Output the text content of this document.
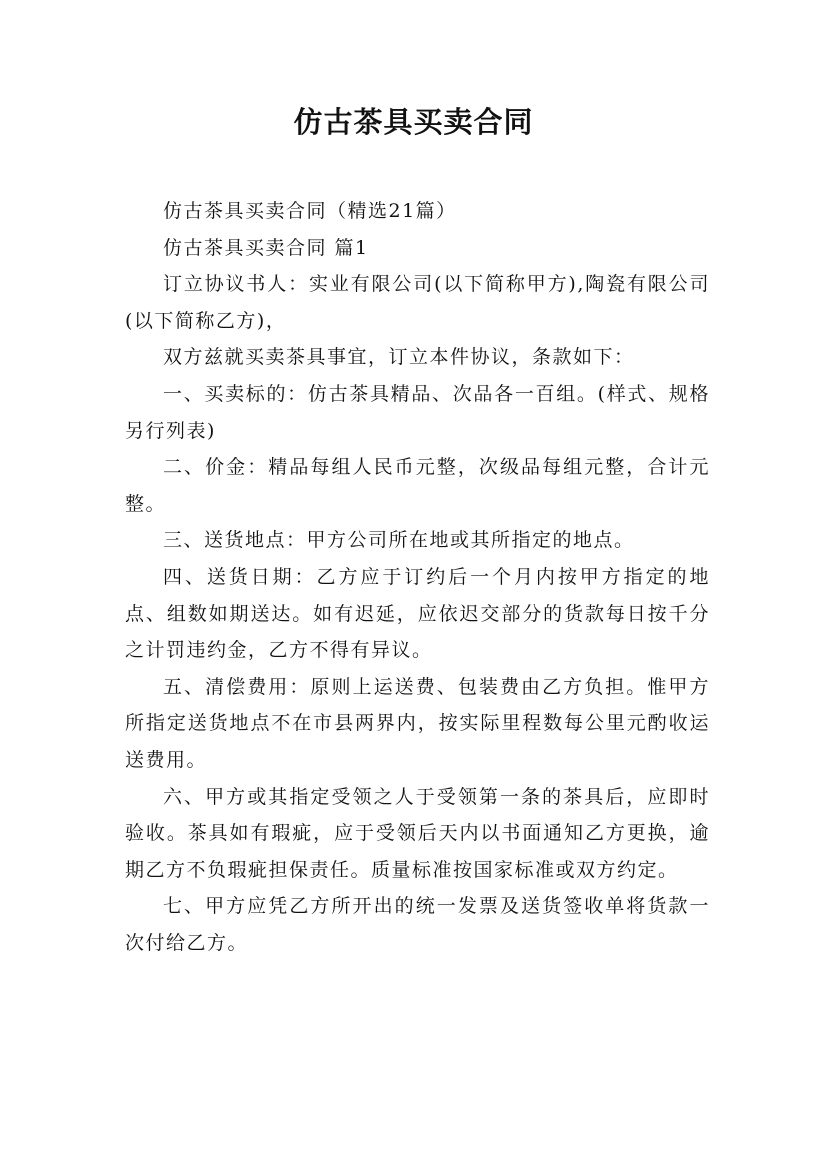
仿古茶具买卖合同

仿古茶具买卖合同（精选21篇）

仿古茶具买卖合同 篇1

订立协议书人：实业有限公司(以下简称甲方),陶瓷有限公司(以下简称乙方)，

双方兹就买卖茶具事宜，订立本件协议，条款如下：

一、买卖标的：仿古茶具精品、次品各一百组。(样式、规格另行列表)

二、价金：精品每组人民币元整，次级品每组元整，合计元整。

三、送货地点：甲方公司所在地或其所指定的地点。

四、送货日期：乙方应于订约后一个月内按甲方指定的地点、组数如期送达。如有迟延，应依迟交部分的货款每日按千分之计罚违约金，乙方不得有异议。

五、清偿费用：原则上运送费、包装费由乙方负担。惟甲方所指定送货地点不在市县两界内，按实际里程数每公里元酌收运送费用。

六、甲方或其指定受领之人于受领第一条的茶具后，应即时验收。茶具如有瑕疵，应于受领后天内以书面通知乙方更换，逾期乙方不负瑕疵担保责任。质量标准按国家标准或双方约定。

七、甲方应凭乙方所开出的统一发票及送货签收单将货款一次付给乙方。
